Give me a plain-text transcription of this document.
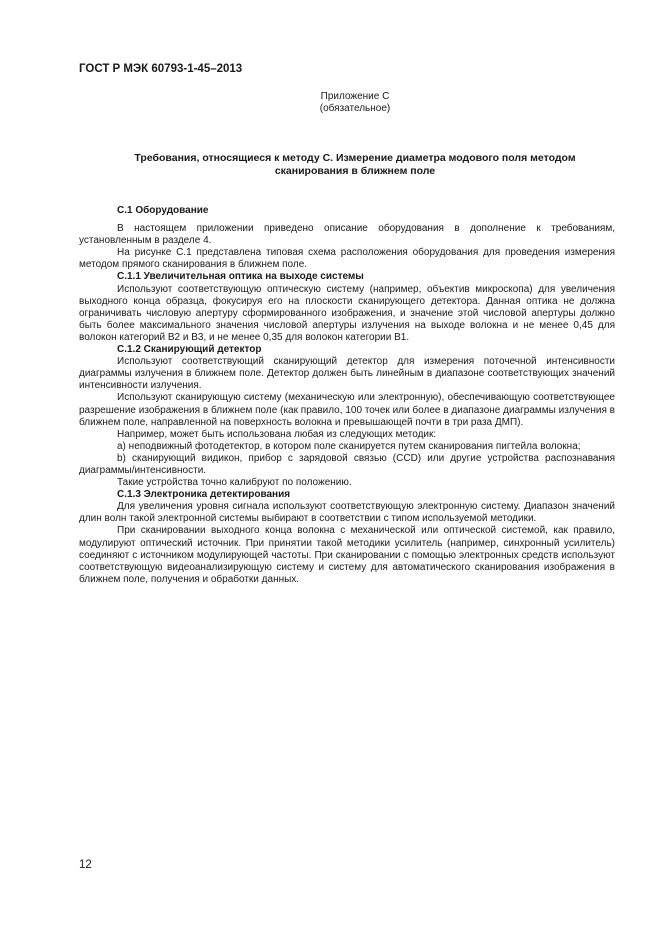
ГОСТ Р МЭК 60793-1-45–2013
Приложение C
(обязательное)
Требования, относящиеся к методу C. Измерение диаметра модового поля методом
сканирования в ближнем поле

C.1 Оборудование

В настоящем приложении приведено описание оборудования в дополнение к требованиям, установленным в разделе 4.

На рисунке C.1 представлена типовая схема расположения оборудования для проведения измерения методом прямого сканирования в ближнем поле.

C.1.1 Увеличительная оптика на выходе системы

Используют соответствующую оптическую систему (например, объектив микроскопа) для увеличения выходного конца образца, фокусируя его на плоскости сканирующего детектора. Данная оптика не должна ограничивать числовую апертуру сформированного изображения, и значение этой числовой апертуры должно быть более максимального значения числовой апертуры излучения на выходе волокна и не менее 0,45 для волокон категорий B2 и B3, и не менее 0,35 для волокон категории B1.

C.1.2 Сканирующий детектор

Используют соответствующий сканирующий детектор для измерения поточечной интенсивности диаграммы излучения в ближнем поле. Детектор должен быть линейным в диапазоне соответствующих значений интенсивности излучения.

Используют сканирующую систему (механическую или электронную), обеспечивающую соответствующее разрешение изображения в ближнем поле (как правило, 100 точек или более в диапазоне диаграммы излучения в ближнем поле, направленной на поверхность волокна и превышающей почти в три раза ДМП).

Например, может быть использована любая из следующих методик:

a) неподвижный фотодетектор, в котором поле сканируется путем сканирования пигтейла волокна;

b) сканирующий видикон, прибор с зарядовой связью (CCD) или другие устройства распознавания диаграммы/интенсивности.

Такие устройства точно калибруют по положению.

C.1.3 Электроника детектирования

Для увеличения уровня сигнала используют соответствующую электронную систему. Диапазон значений длин волн такой электронной системы выбирают в соответствии с типом используемой методики.

При сканировании выходного конца волокна с механической или оптической системой, как правило, модулируют оптический источник. При принятии такой методики усилитель (например, синхронный усилитель) соединяют с источником модулирующей частоты. При сканировании с помощью электронных средств используют соответствующую видеоанализирующую систему и систему для автоматического сканирования изображения в ближнем поле, получения и обработки данных.

12
